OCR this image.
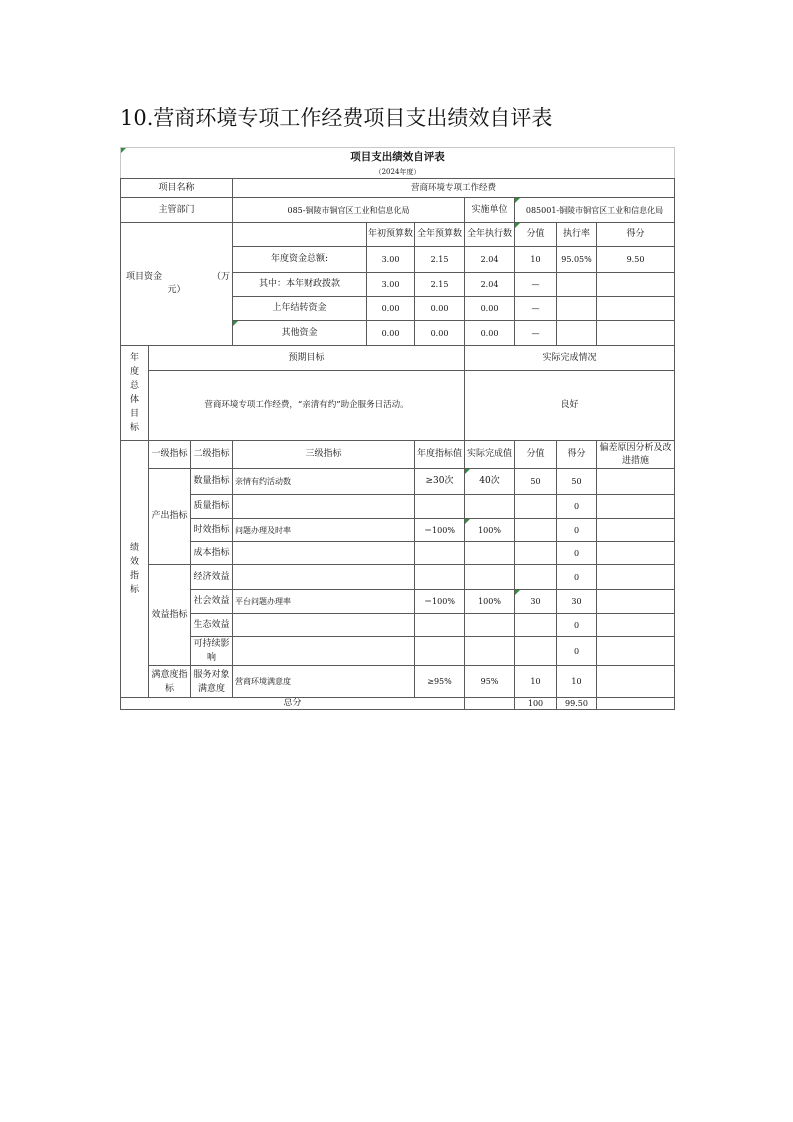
10.营商环境专项工作经费项目支出绩效自评表
项目支出绩效自评表									
（2024年度）									
项目名称			营商环境专项工作经费						
主管部门			085-铜陵市铜官区工业和信息化局			实施单位	085001-铜陵市铜官区工业和信息化局		

项目资金 （万
元）				年初预算数	全年预算数	全年执行数	分值	执行率	得分
			年度资金总额:	3.00	2.15	2.04	10	95.05%	9.50
			其中：本年财政拨款	3.00	2.15	2.04	—		
			上年结转资金	0.00	0.00	0.00	—		
			其他资金	0.00	0.00	0.00	—		
年度总体目标	预期目标					实际完成情况			
	营商环境专项工作经费，“亲清有约”助企服务日活动。					良好			
绩效指标	一级指标	二级指标	三级指标		年度指标值	实际完成值	分值	得分	偏差原因分析及改进措施
	产出指标	数量指标	亲情有约活动数		≥30次	40次	50	50	
		质量指标						0	
		时效指标	问题办理及时率		＝100%	100%		0	
		成本指标						0	
	效益指标	经济效益						0	
		社会效益	平台问题办理率		＝100%	100%	30	30	
		生态效益						0	
		可持续影响						0	
	满意度指标	服务对象满意度	营商环境满意度		≥95%	95%	10	10	
总分							100	99.50	
